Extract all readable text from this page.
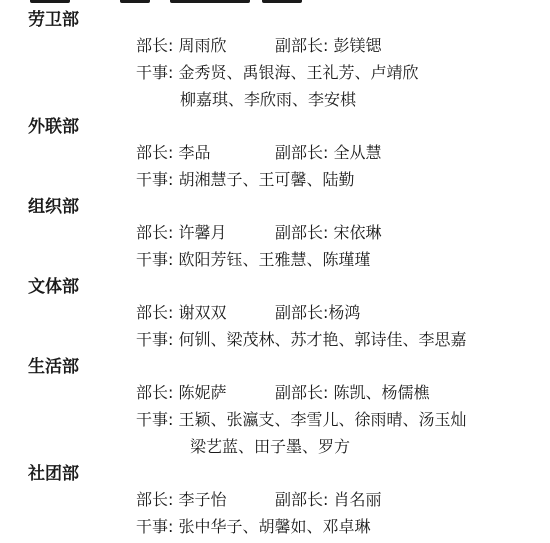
劳卫部
部长: 周雨欣	副部长: 彭镁锶
干事: 金秀贤、禹银海、王礼芳、卢靖欣
柳嘉琪、李欣雨、李安棋
外联部
部长: 李品	副部长: 全从慧
干事: 胡湘慧子、王可馨、陆勤
组织部
部长: 许馨月	副部长: 宋依琳
干事: 欧阳芳钰、王雅慧、陈瑾瑾
文体部
部长: 谢双双	副部长:杨鸿
干事: 何钏、梁茂林、苏才艳、郭诗佳、李思嘉
生活部
部长: 陈妮萨	副部长: 陈凯、杨儒樵
干事: 王颖、张瀛支、李雪儿、徐雨晴、汤玉灿
梁艺蓝、田子墨、罗方
社团部
部长: 李子怡	副部长: 肖名丽
干事: 张中华子、胡馨如、邓卓琳
